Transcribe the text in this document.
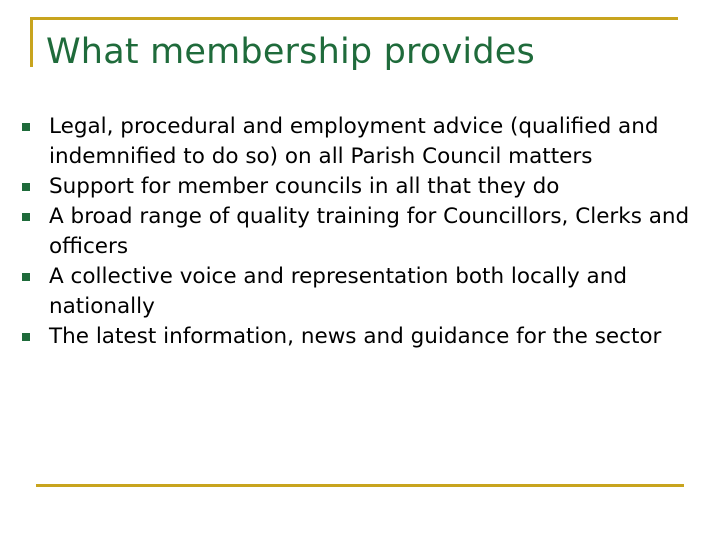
What membership provides
Legal, procedural and employment advice (qualified and indemnified to do so) on all Parish Council matters
Support for member councils in all that they do
A broad range of quality training for Councillors, Clerks and officers
A collective voice and representation both locally and nationally
The latest information, news and guidance for the sector
